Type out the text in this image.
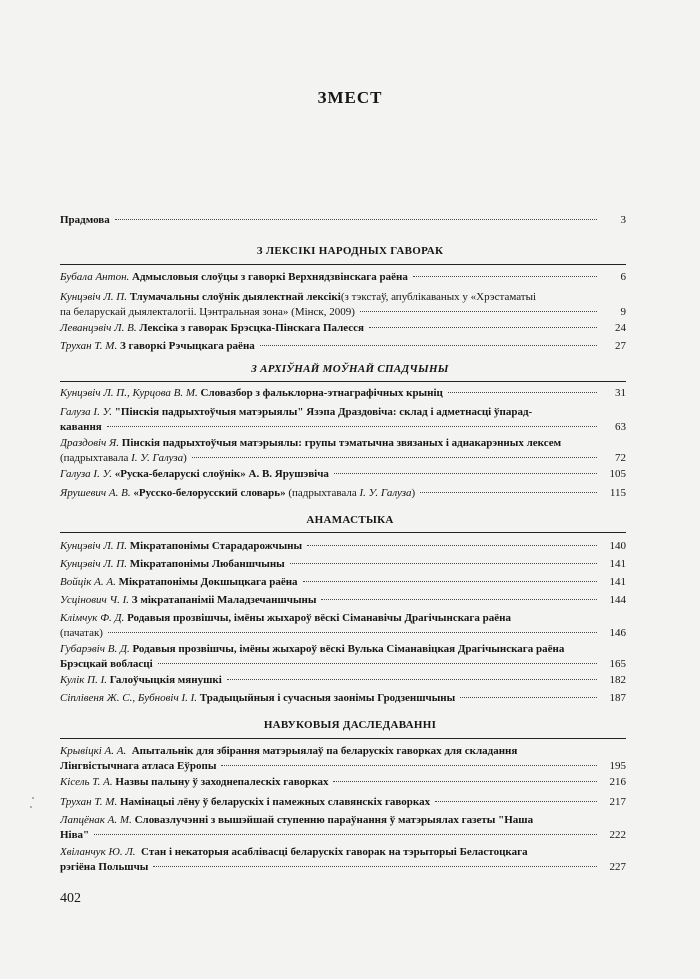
ЗМЕСТ
Прадмова	3
З ЛЕКСІКІ НАРОДНЫХ ГАВОРАК
Бубала Антон. Адмысловыя слоўцы з гаворкі Верхнядзвінскага раёна	6
Кунцэвіч Л. П.
Тлумачальны слоўнік дыялектнай лексікі (з тэкстаў, апублікаваных у «Хрэстаматыі
па беларускай дыялекталогіі. Цэнтральная зона» (Мінск, 2009)	9
Леванцэвіч Л. В. Лексіка з гаворак Брэсцка-Пінскага Палесся	24
Трухан Т. М. З гаворкі Рэчыцкага раёна	27
З АРХІЎНАЙ МОЎНАЙ СПАДЧЫНЫ
Кунцэвіч Л. П., Курцова В. М. Словазбор з фальклорна-этнаграфічных крыніц	31
Галуза І. У.
"Пінскія падрыхтоўчыя матэрыялы" Язэпа Драздовіча: склад і адметнасці ўпарад-
кавання	63
Драздовіч Я.
Пінскія падрыхтоўчыя матэрыялы: групы тэматычна звязаных і аднакарэнных лексем
(падрыхтавала І. У. Галуза)	72
Галуза І. У. «Руска-беларускі слоўнік» А. В. Ярушэвіча	105
Ярушевич А. В. «Русско-белорусский словарь» (падрыхтавала І. У. Галуза)	115
АНАМАСТЫКА
Кунцэвіч Л. П. Мікратапонімы Старадарожчыны	140
Кунцэвіч Л. П. Мікратапонімы Любаншчыны	141
Войцік А. А. Мікратапонімы Докшыцкага раёна	141
Усцінович Ч. І. З мікратапаніміі Маладзечаншчыны	144
Клімчук Ф. Д.
Родавыя прозвішчы, імёны жыхароў вёскі Сіманавічы Драгічынскага раёна
(пачатак)	146
Губарэвіч В. Д.
Родавыя прозвішчы, імёны жыхароў вёскі Вулька Сіманавіцкая Драгічынскага раёна
Брэсцкай вобласці	165
Кулік П. І. Галоўчыцкія мянушкі	182
Сіплівеня Ж. С., Бубновіч І. І. Традыцыйныя і сучасныя заонімы Гродзеншчыны	187
НАВУКОВЫЯ ДАСЛЕДАВАННІ
Крывіцкі А. А.
Апытальнік для збірання матэрыялаў па беларускіх гаворках для складання
Лінгвістычнага атласа Еўропы	195
Кісель Т. А. Назвы палыну ў заходнепалескіх гаворках	216
Трухан Т. М. Намінацыі лёну ў беларускіх і памежных славянскіх гаворках	217
Лапцёнак А. М.
Словазлучэнні з вышэйшай ступенню параўнання ў матэрыялах газеты "Наша
Ніва"	222
Хвіланчук Ю. Л.
Стан і некаторыя асаблівасці беларускіх гаворак на тэрыторыі Беластоцкага
рэгіёна Польшчы	227
402
